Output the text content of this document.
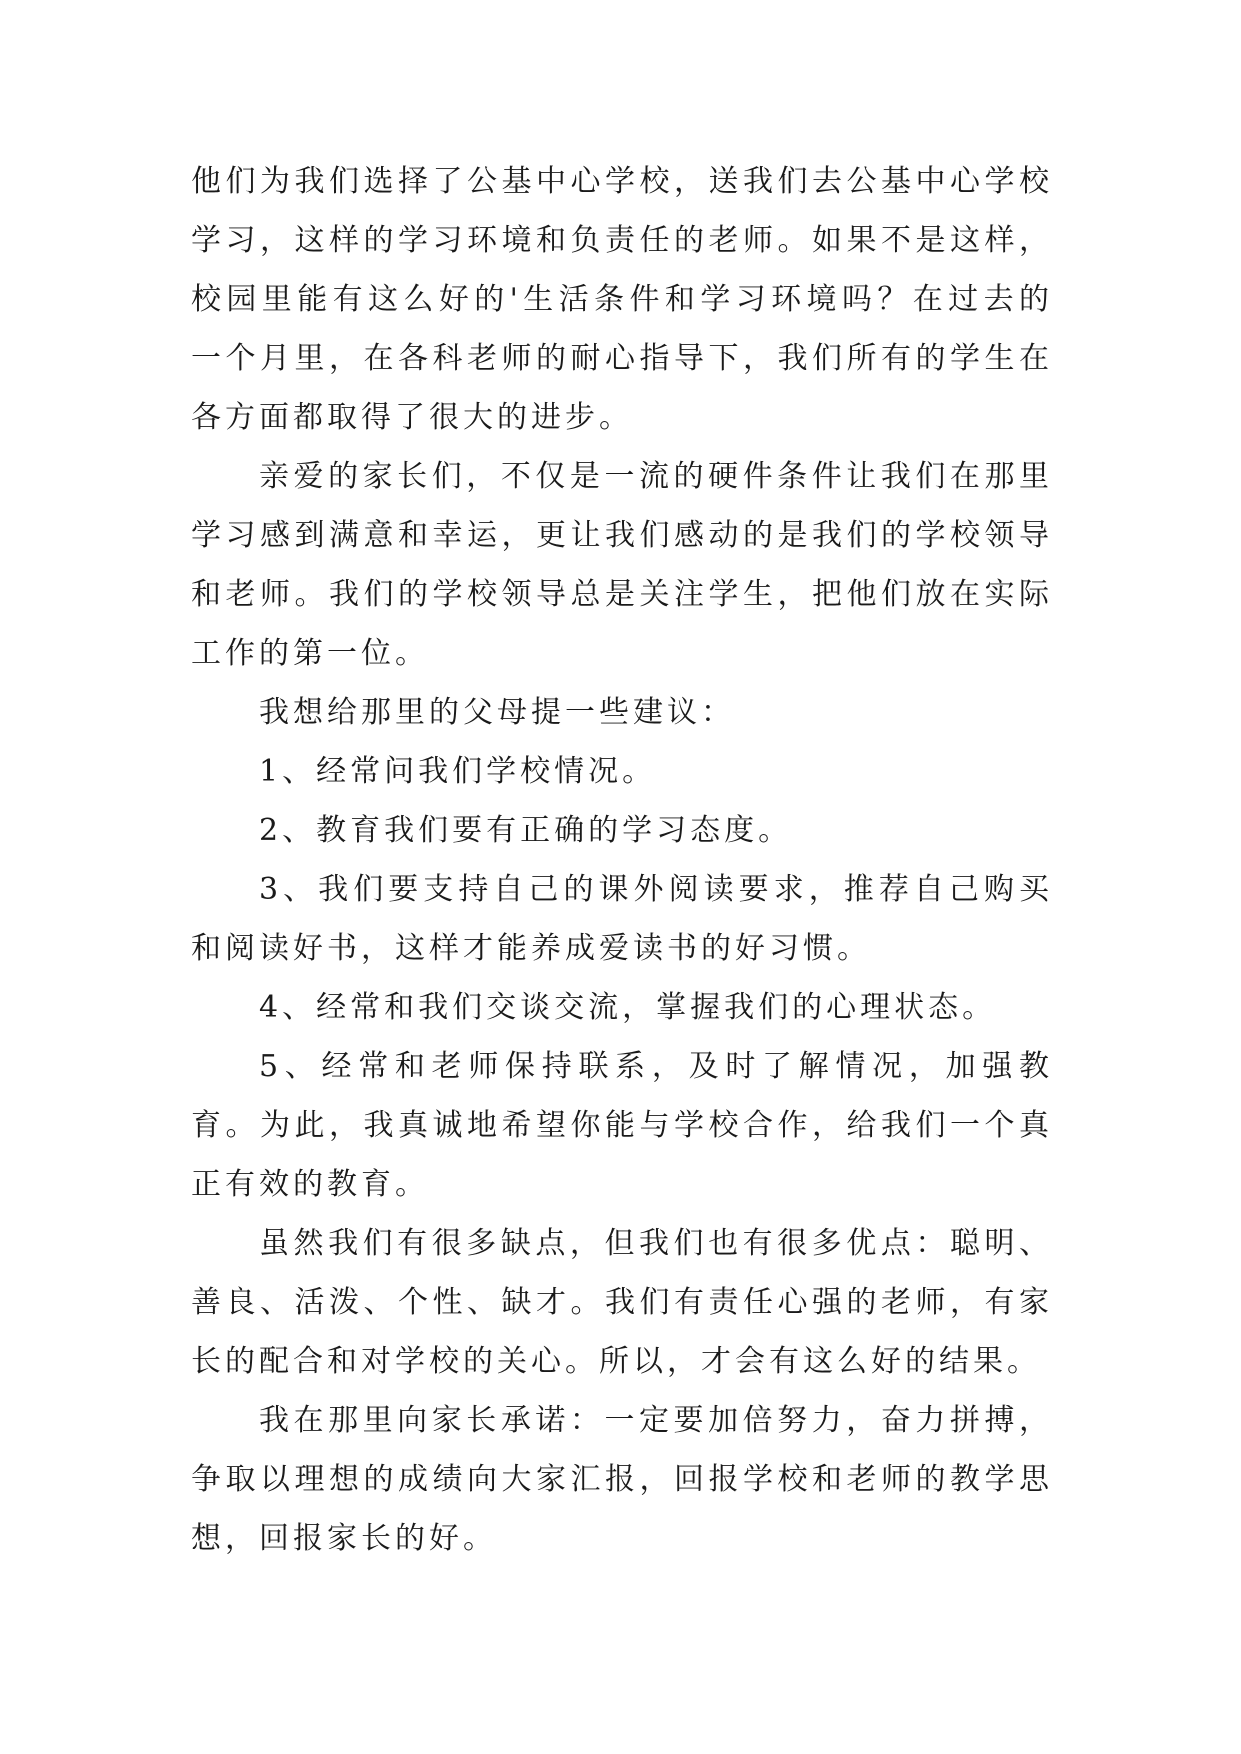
他们为我们选择了公基中心学校，送我们去公基中心学校学习，这样的学习环境和负责任的老师。如果不是这样，校园里能有这么好的'生活条件和学习环境吗？在过去的一个月里，在各科老师的耐心指导下，我们所有的学生在各方面都取得了很大的进步。

亲爱的家长们，不仅是一流的硬件条件让我们在那里学习感到满意和幸运，更让我们感动的是我们的学校领导和老师。我们的学校领导总是关注学生，把他们放在实际工作的第一位。

我想给那里的父母提一些建议：

1、经常问我们学校情况。

2、教育我们要有正确的学习态度。

3、我们要支持自己的课外阅读要求，推荐自己购买和阅读好书，这样才能养成爱读书的好习惯。

4、经常和我们交谈交流，掌握我们的心理状态。

5、经常和老师保持联系，及时了解情况，加强教育。为此，我真诚地希望你能与学校合作，给我们一个真正有效的教育。

虽然我们有很多缺点，但我们也有很多优点：聪明、善良、活泼、个性、缺才。我们有责任心强的老师，有家长的配合和对学校的关心。所以，才会有这么好的结果。

我在那里向家长承诺：一定要加倍努力，奋力拼搏，争取以理想的成绩向大家汇报，回报学校和老师的教学思想，回报家长的好。
